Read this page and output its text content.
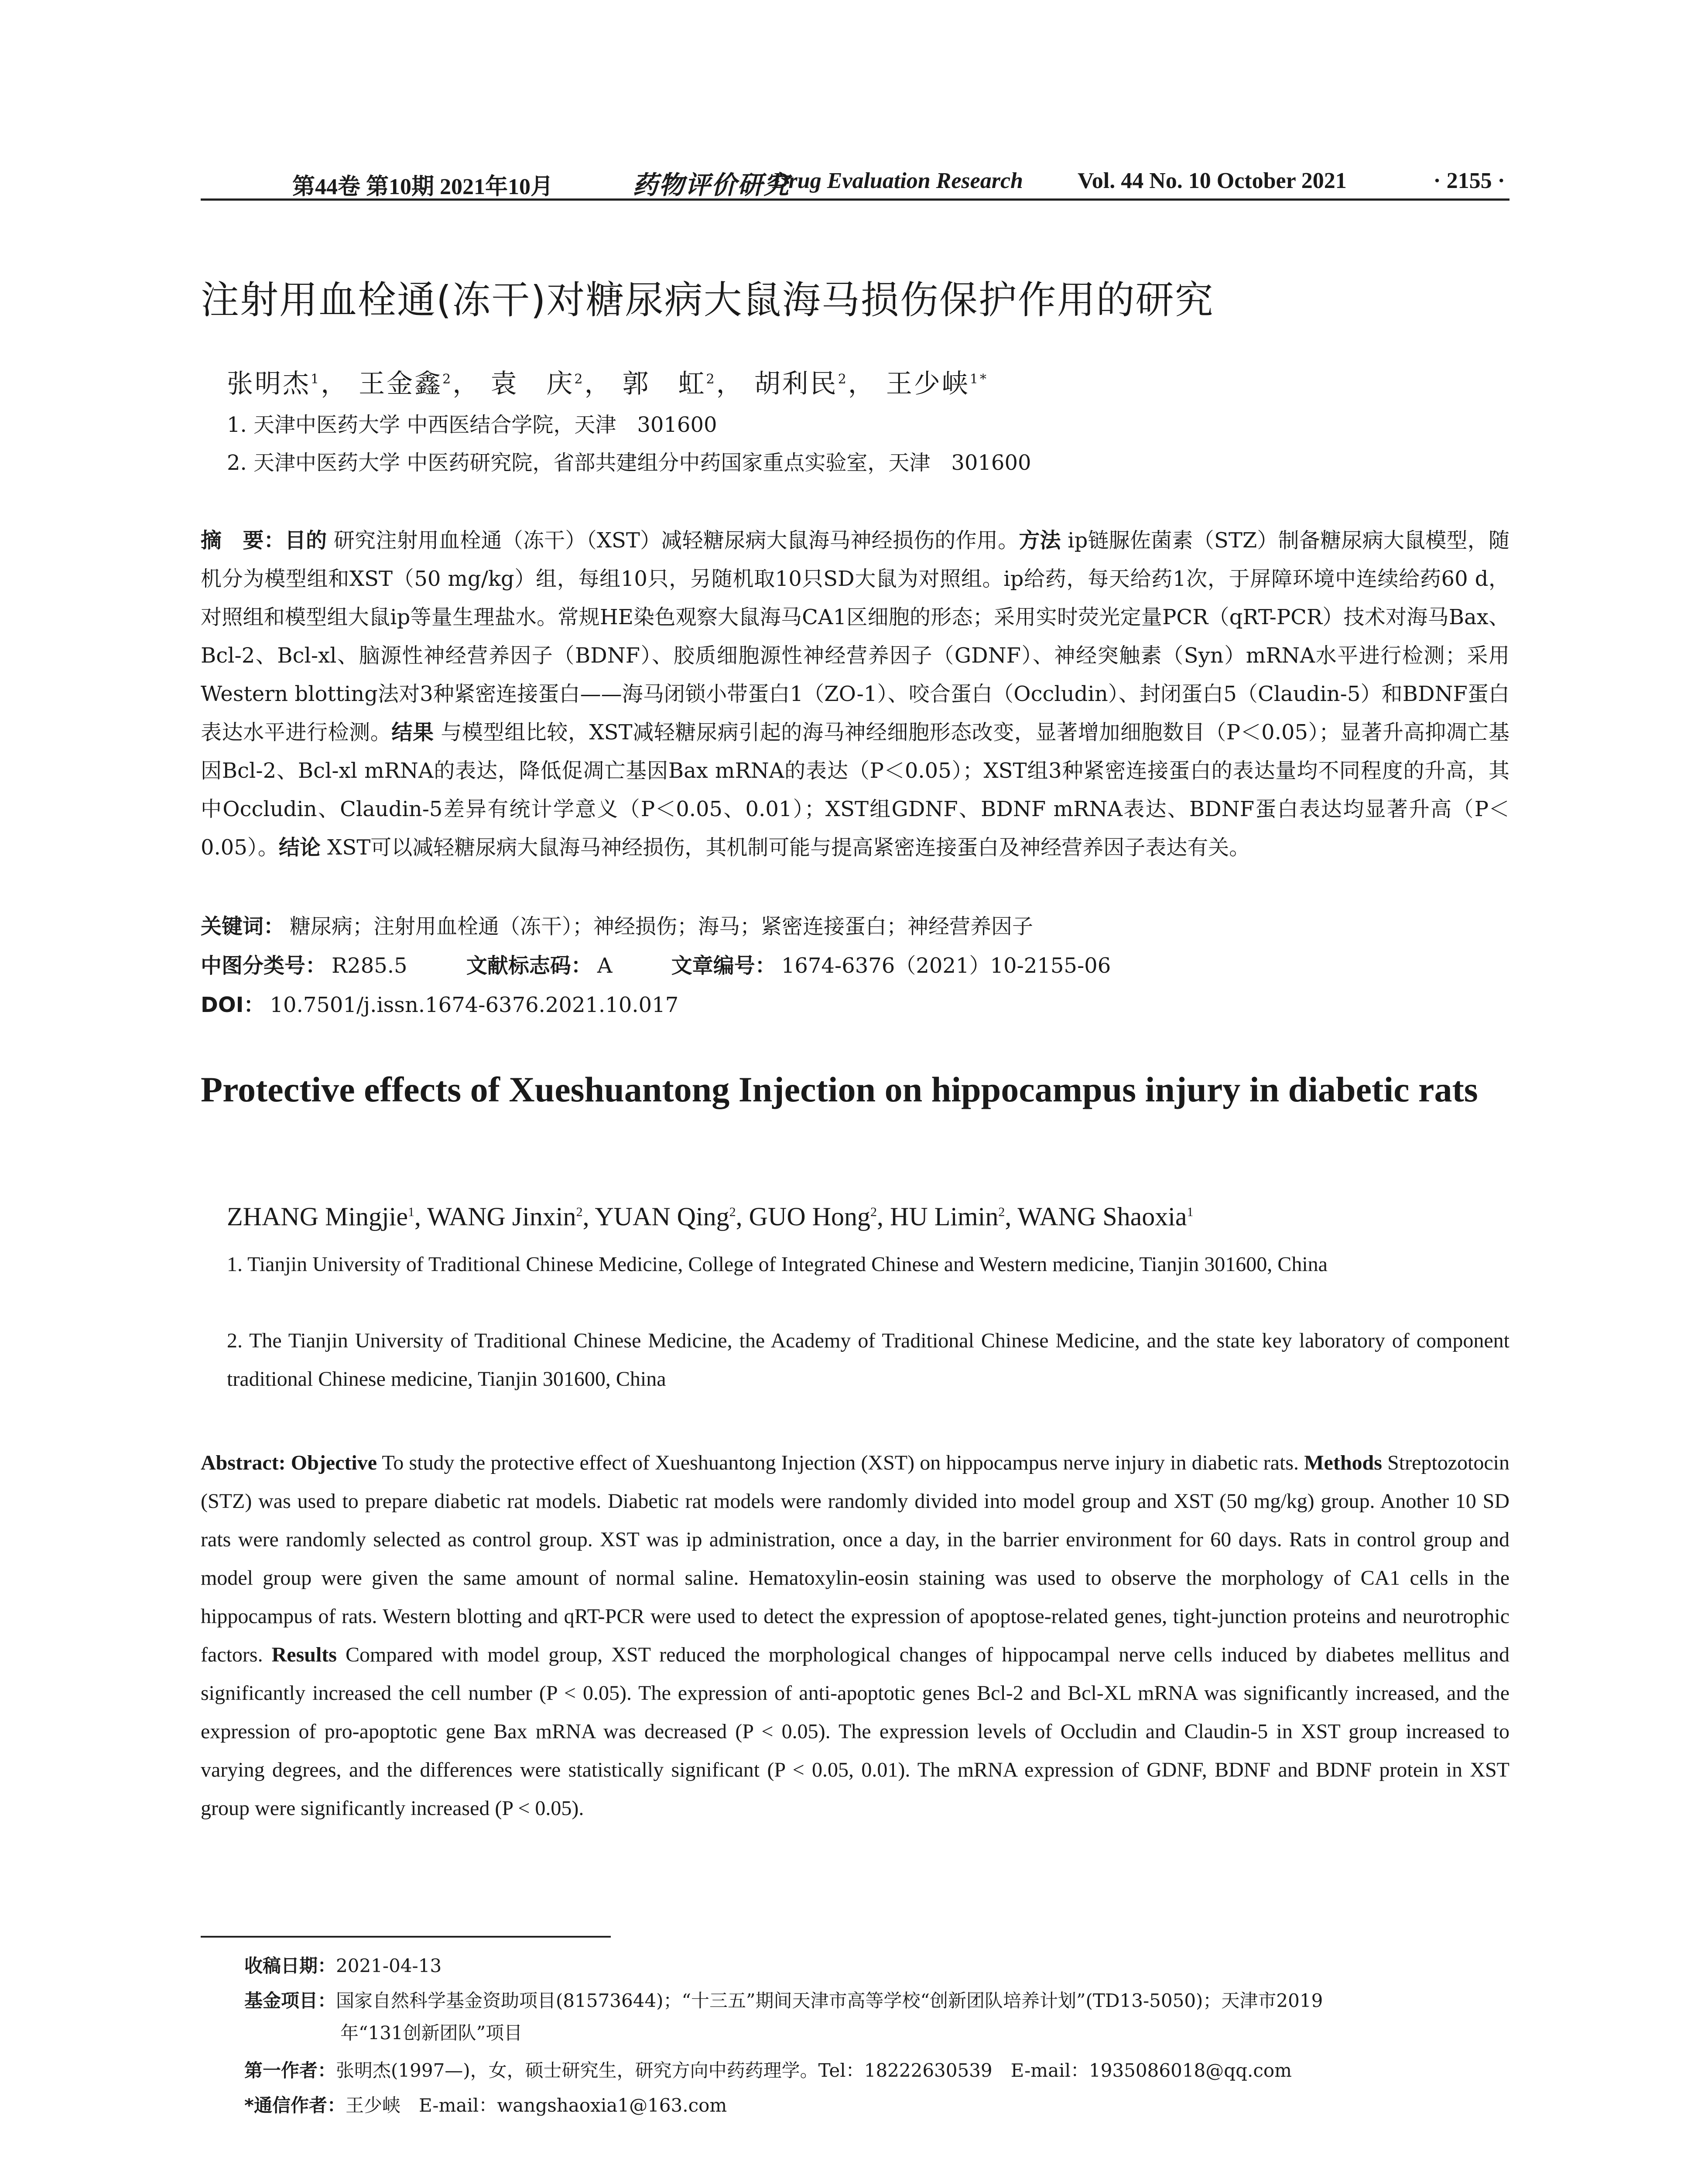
第44卷 第10期 2021年10月	药物评价研究
Drug Evaluation Research Vol. 44 No. 10 October 2021	· 2155 ·
注射用血栓通(冻干)对糖尿病大鼠海马损伤保护作用的研究
张明杰$^1$， 王金鑫$^2$， 袁　庆$^2$， 郭　虹$^2$， 胡利民$^2$， 王少峡$^{1*}$
1. 天津中医药大学 中西医结合学院，天津　301600
2. 天津中医药大学 中医药研究院，省部共建组分中药国家重点实验室，天津　301600
摘　要：目的 研究注射用血栓通（冻干）（XST）减轻糖尿病大鼠海马神经损伤的作用。方法 ip链脲佐菌素（STZ）制备糖尿病大鼠模型，随机分为模型组和XST（50 mg/kg）组，每组10只，另随机取10只SD大鼠为对照组。ip给药，每天给药1次，于屏障环境中连续给药60 d，对照组和模型组大鼠ip等量生理盐水。常规HE染色观察大鼠海马CA1区细胞的形态；采用实时荧光定量PCR（qRT-PCR）技术对海马Bax、Bcl-2、Bcl-xl、脑源性神经营养因子（BDNF）、胶质细胞源性神经营养因子（GDNF）、神经突触素（Syn）mRNA水平进行检测；采用Western blotting法对3种紧密连接蛋白——海马闭锁小带蛋白1（ZO-1）、咬合蛋白（Occludin）、封闭蛋白5（Claudin-5）和BDNF蛋白表达水平进行检测。结果 与模型组比较，XST减轻糖尿病引起的海马神经细胞形态改变，显著增加细胞数目（P＜0.05）；显著升高抑凋亡基因Bcl-2、Bcl-xl mRNA的表达，降低促凋亡基因Bax mRNA的表达（P＜0.05）；XST组3种紧密连接蛋白的表达量均不同程度的升高，其中Occludin、Claudin-5差异有统计学意义（P＜0.05、0.01）；XST组GDNF、BDNF mRNA表达、BDNF蛋白表达均显著升高（P＜0.05）。结论 XST可以减轻糖尿病大鼠海马神经损伤，其机制可能与提高紧密连接蛋白及神经营养因子表达有关。
关键词： 糖尿病；注射用血栓通（冻干）；神经损伤；海马；紧密连接蛋白；神经营养因子
中图分类号： R285.5	文献标志码： A	文章编号： 1674-6376（2021）10-2155-06
DOI： 10.7501/j.issn.1674-6376.2021.10.017
Protective effects of Xueshuantong Injection on hippocampus injury in diabetic rats
ZHANG Mingjie$^1$, WANG Jinxin$^2$, YUAN Qing$^2$, GUO Hong$^2$, HU Limin$^2$, WANG Shaoxia$^1$
1. Tianjin University of Traditional Chinese Medicine, College of Integrated Chinese and Western medicine, Tianjin 301600, China
2. The Tianjin University of Traditional Chinese Medicine, the Academy of Traditional Chinese Medicine, and the state key laboratory of component traditional Chinese medicine, Tianjin 301600, China
Abstract: Objective To study the protective effect of Xueshuantong Injection (XST) on hippocampus nerve injury in diabetic rats. Methods Streptozotocin (STZ) was used to prepare diabetic rat models. Diabetic rat models were randomly divided into model group and XST (50 mg/kg) group. Another 10 SD rats were randomly selected as control group. XST was ip administration, once a day, in the barrier environment for 60 days. Rats in control group and model group were given the same amount of normal saline. Hematoxylin-eosin staining was used to observe the morphology of CA1 cells in the hippocampus of rats. Western blotting and qRT-PCR were used to detect the expression of apoptose-related genes, tight-junction proteins and neurotrophic factors. Results Compared with model group, XST reduced the morphological changes of hippocampal nerve cells induced by diabetes mellitus and significantly increased the cell number (P < 0.05). The expression of anti-apoptotic genes Bcl-2 and Bcl-XL mRNA was significantly increased, and the expression of pro-apoptotic gene Bax mRNA was decreased (P < 0.05). The expression levels of Occludin and Claudin-5 in XST group increased to varying degrees, and the differences were statistically significant (P < 0.05, 0.01). The mRNA expression of GDNF, BDNF and BDNF protein in XST group were significantly increased (P < 0.05).
收稿日期：2021-04-13
基金项目：国家自然科学基金资助项目(81573644)；“十三五”期间天津市高等学校“创新团队培养计划”(TD13-5050)；天津市2019
年“131创新团队”项目
第一作者：张明杰(1997—)，女，硕士研究生，研究方向中药药理学。Tel：18222630539　E-mail：1935086018@qq.com
*通信作者：王少峡　E-mail：wangshaoxia1@163.com
